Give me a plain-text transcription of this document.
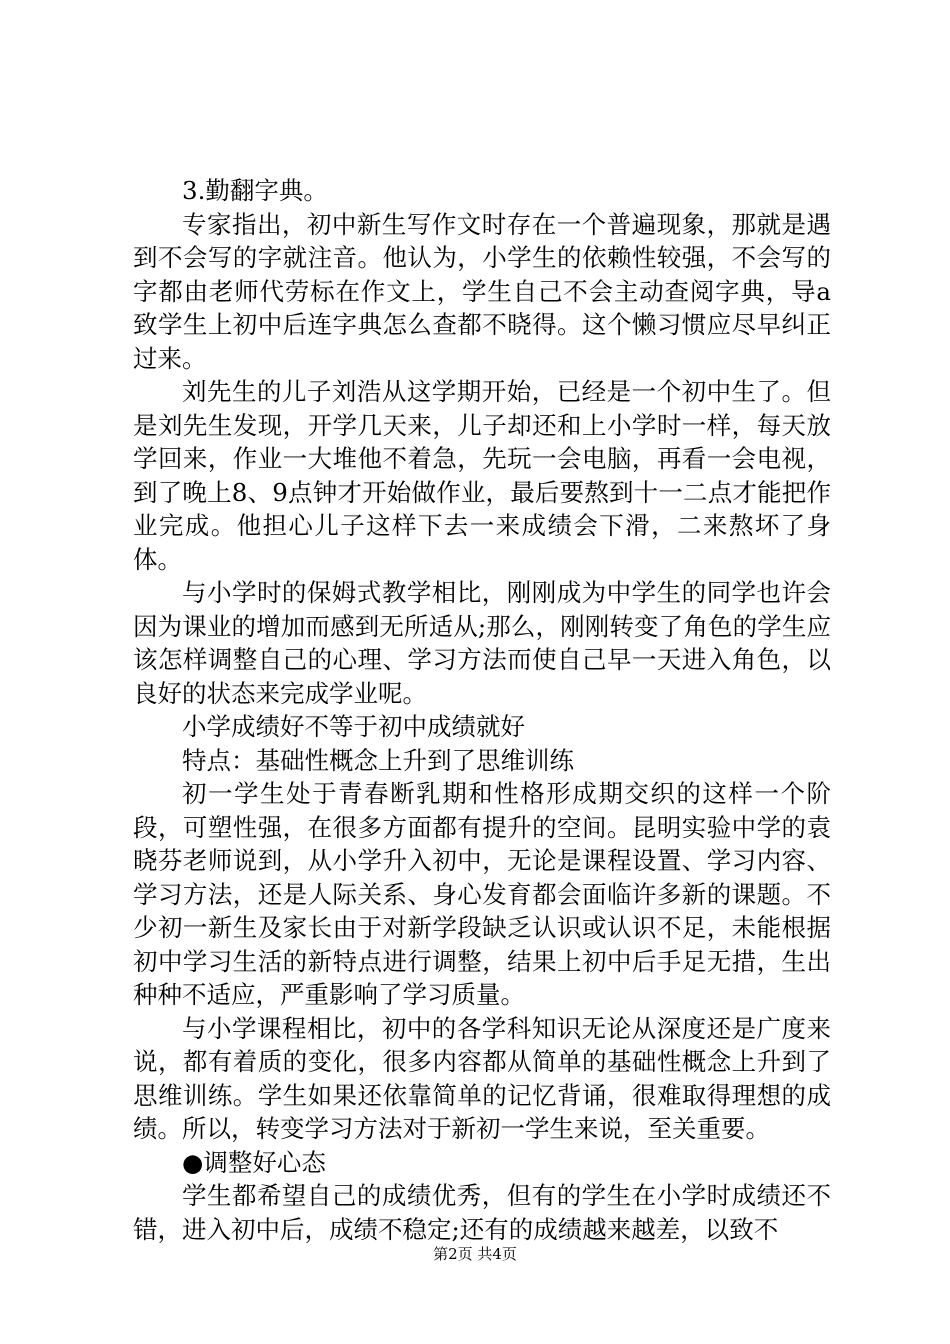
3.勤翻字典。

专家指出，初中新生写作文时存在一个普遍现象，那就是遇到不会写的字就注音。他认为，小学生的依赖性较强，不会写的字都由老师代劳标在作文上，学生自己不会主动查阅字典，导a致学生上初中后连字典怎么查都不晓得。这个懒习惯应尽早纠正过来。

刘先生的儿子刘浩从这学期开始，已经是一个初中生了。但是刘先生发现，开学几天来，儿子却还和上小学时一样，每天放学回来，作业一大堆他不着急，先玩一会电脑，再看一会电视，到了晚上8、9点钟才开始做作业，最后要熬到十一二点才能把作业完成。他担心儿子这样下去一来成绩会下滑，二来熬坏了身体。

与小学时的保姆式教学相比，刚刚成为中学生的同学也许会因为课业的增加而感到无所适从;那么，刚刚转变了角色的学生应该怎样调整自己的心理、学习方法而使自己早一天进入角色，以良好的状态来完成学业呢。

小学成绩好不等于初中成绩就好

特点：基础性概念上升到了思维训练

初一学生处于青春断乳期和性格形成期交织的这样一个阶段，可塑性强，在很多方面都有提升的空间。昆明实验中学的袁晓芬老师说到，从小学升入初中，无论是课程设置、学习内容、学习方法，还是人际关系、身心发育都会面临许多新的课题。不少初一新生及家长由于对新学段缺乏认识或认识不足，未能根据初中学习生活的新特点进行调整，结果上初中后手足无措，生出种种不适应，严重影响了学习质量。

与小学课程相比，初中的各学科知识无论从深度还是广度来说，都有着质的变化，很多内容都从简单的基础性概念上升到了思维训练。学生如果还依靠简单的记忆背诵，很难取得理想的成绩。所以，转变学习方法对于新初一学生来说，至关重要。

●调整好心态

学生都希望自己的成绩优秀，但有的学生在小学时成绩还不错，进入初中后，成绩不稳定;还有的成绩越来越差，以致不

第2页 共4页
